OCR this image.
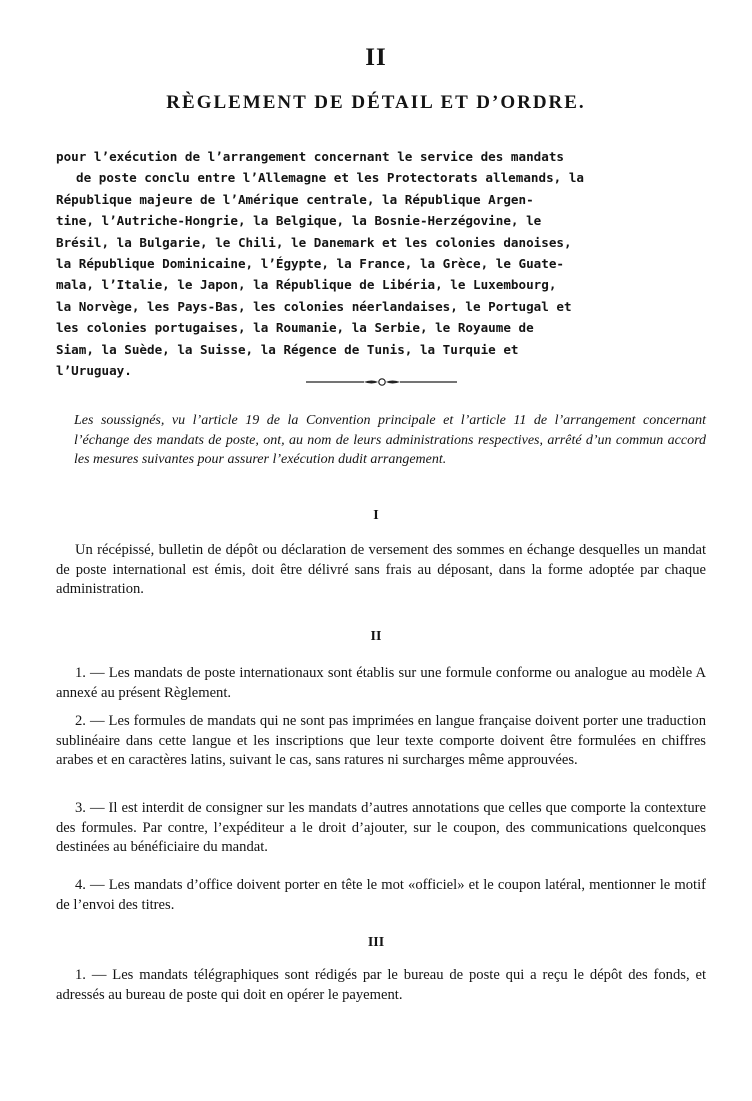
II
RÈGLEMENT DE DÉTAIL ET D’ORDRE.

pour l’exécution de l’arrangement concernant le service des mandats
de poste conclu entre l’Allemagne et les Protectorats allemands, la
République majeure de l’Amérique centrale, la République Argen-
tine, l’Autriche-Hongrie, la Belgique, la Bosnie-Herzégovine, le
Brésil, la Bulgarie, le Chili, le Danemark et les colonies danoises,
la République Dominicaine, l’Égypte, la France, la Grèce, le Guate-
mala, l’Italie, le Japon, la République de Libéria, le Luxembourg,
la Norvège, les Pays-Bas, les colonies néerlandaises, le Portugal et
les colonies portugaises, la Roumanie, la Serbie, le Royaume de
Siam, la Suède, la Suisse, la Régence de Tunis, la Turquie et
l’Uruguay.

Les soussignés, vu l’article 19 de la Convention principale et l’article 11 de l’arrangement concernant l’échange des mandats de poste, ont, au nom de leurs administrations respectives, arrêté d’un commun accord les mesures suivantes pour assurer l’exécution dudit arrangement.

I

Un récépissé, bulletin de dépôt ou déclaration de versement des sommes en échange desquelles un mandat de poste international est émis, doit être délivré sans frais au déposant, dans la forme adoptée par chaque administration.

II

1. — Les mandats de poste internationaux sont établis sur une formule conforme ou analogue au modèle A annexé au présent Règlement.

2. — Les formules de mandats qui ne sont pas imprimées en langue française doivent porter une traduction sublinéaire dans cette langue et les inscriptions que leur texte comporte doivent être formulées en chiffres arabes et en caractères latins, suivant le cas, sans ratures ni surcharges même approuvées.

3. — Il est interdit de consigner sur les mandats d’autres annotations que celles que comporte la contexture des formules. Par contre, l’expéditeur a le droit d’ajouter, sur le coupon, des communications quelconques destinées au bénéficiaire du mandat.

4. — Les mandats d’office doivent porter en tête le mot «officiel» et le coupon latéral, mentionner le motif de l’envoi des titres.

III

1. — Les mandats télégraphiques sont rédigés par le bureau de poste qui a reçu le dépôt des fonds, et adressés au bureau de poste qui doit en opérer le payement.
